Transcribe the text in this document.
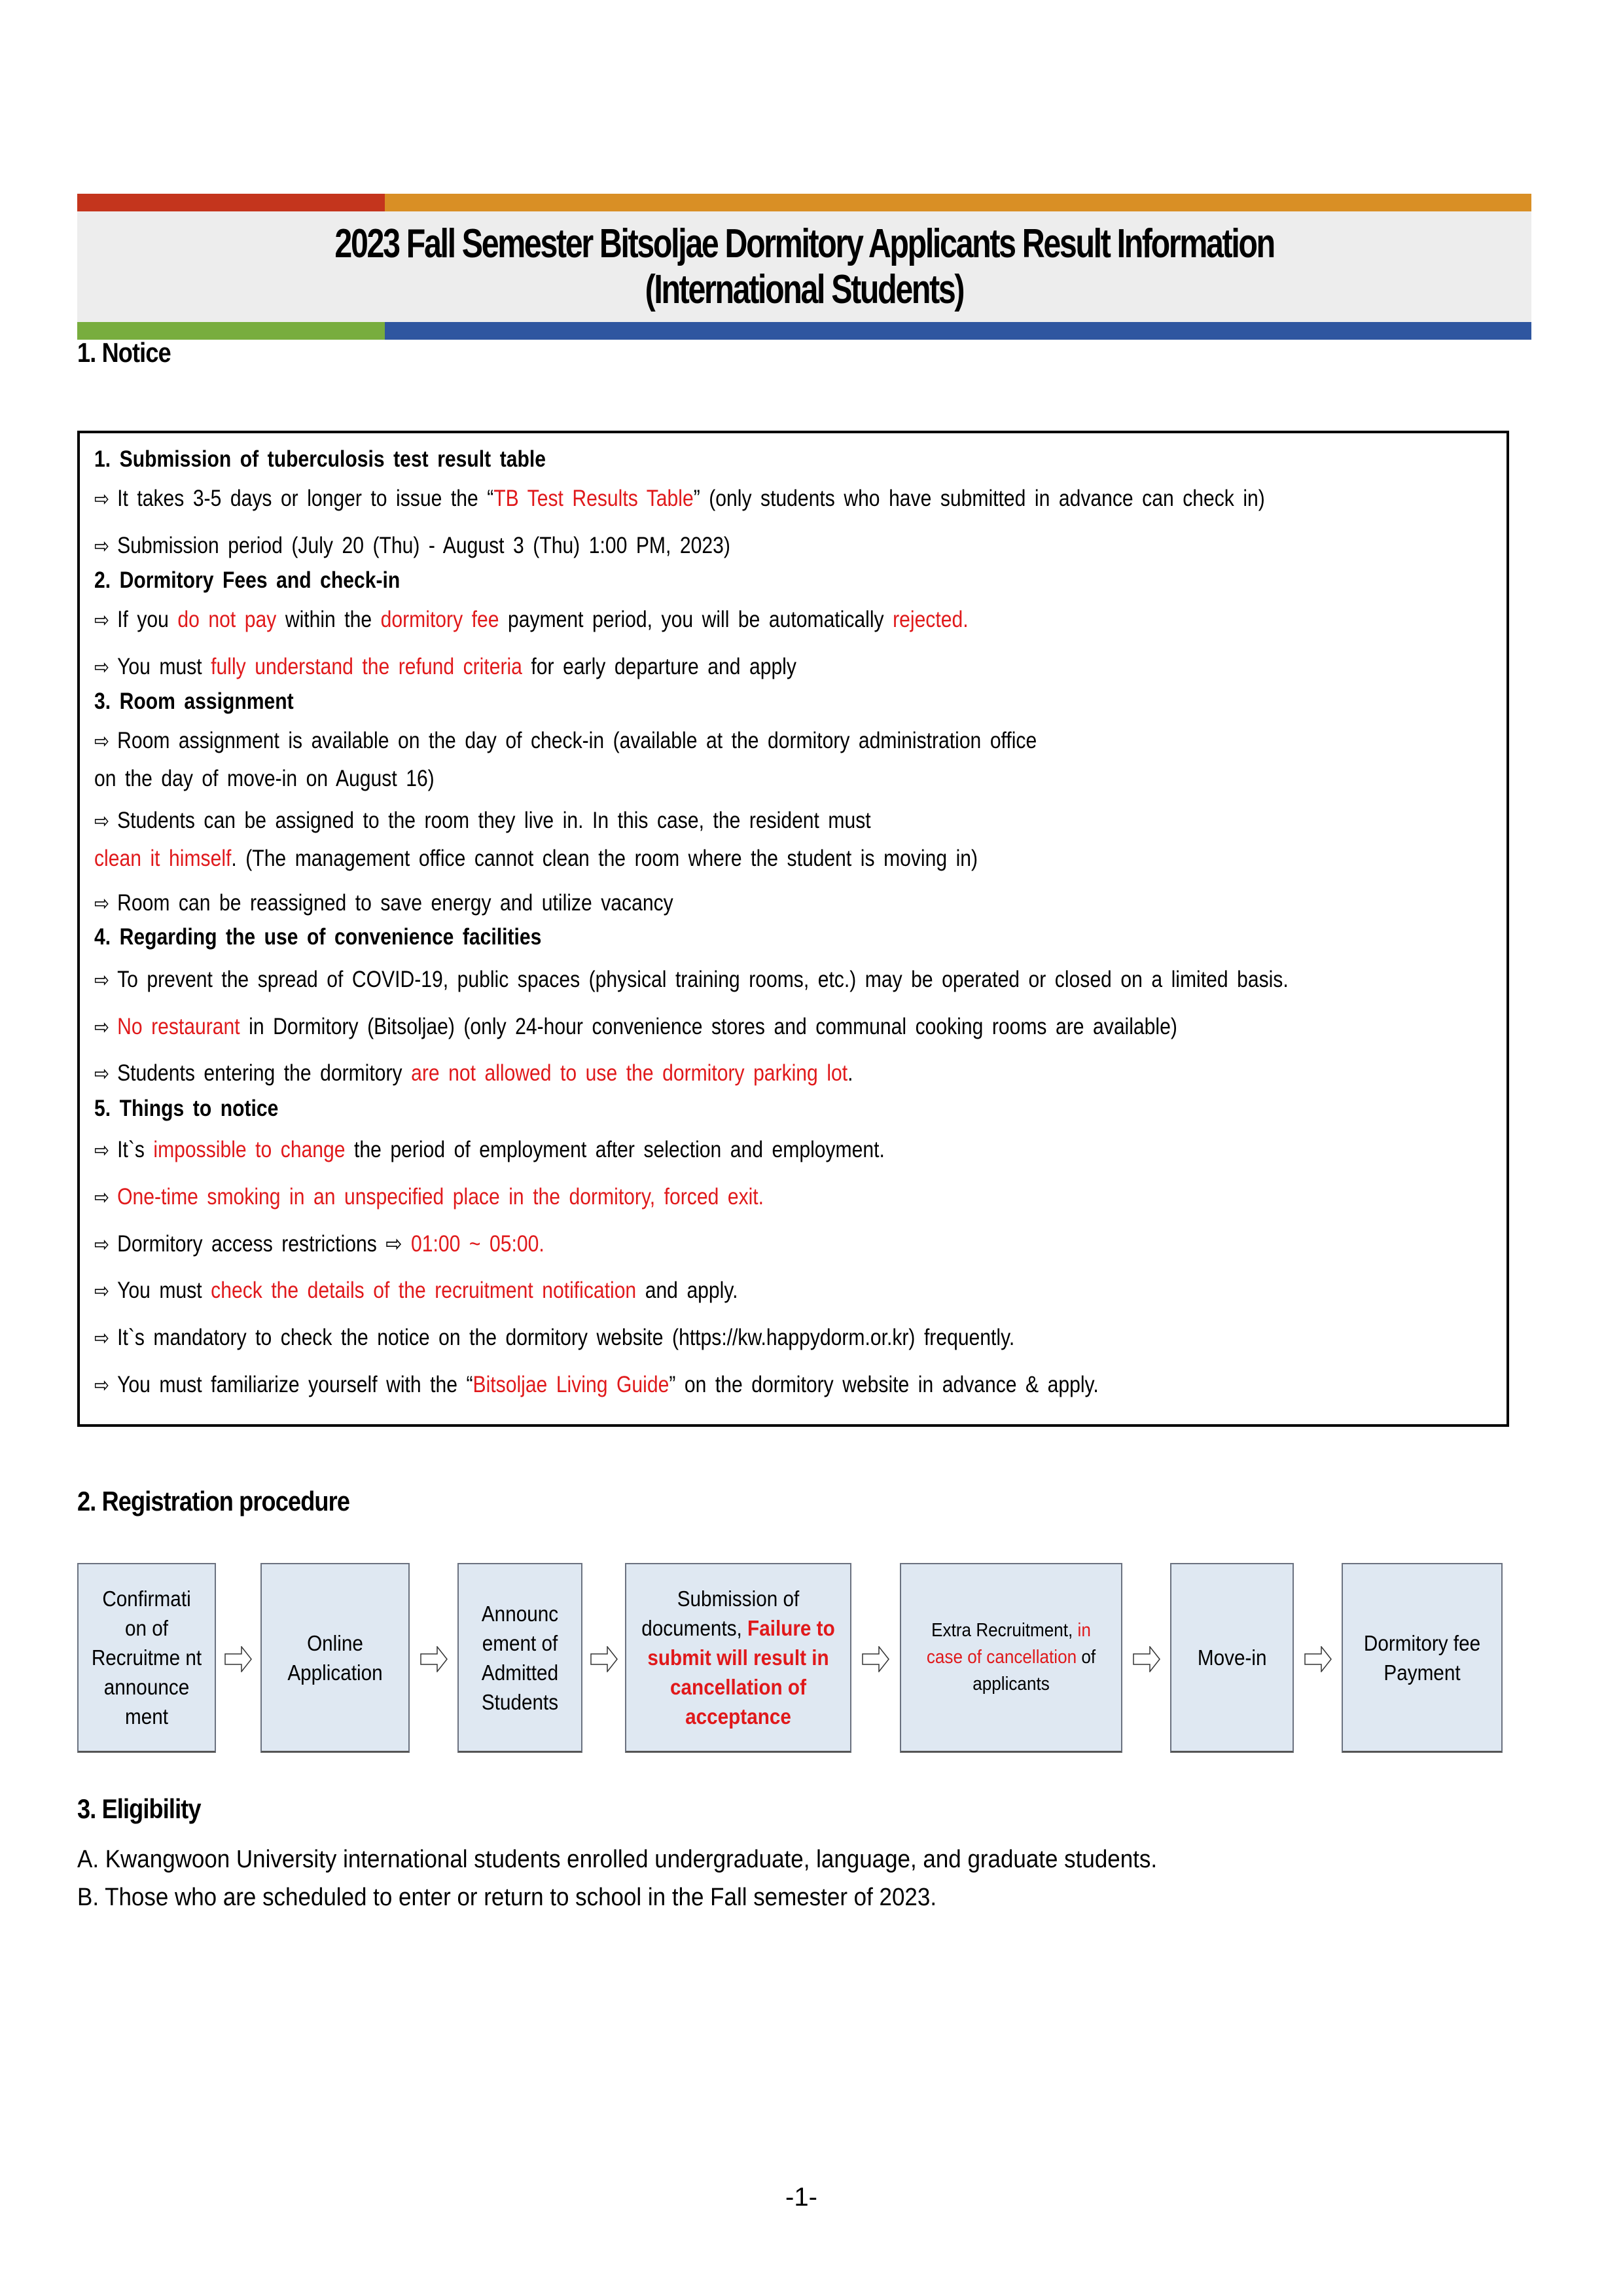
2023 Fall Semester Bitsoljae Dormitory Applicants Result Information
(International Students)
1. Notice
1. Submission of tuberculosis test result table
⇨ It takes 3-5 days or longer to issue the “TB Test Results Table” (only students who have submitted in advance can check in)
⇨ Submission period (July 20 (Thu) - August 3 (Thu) 1:00 PM, 2023)
2. Dormitory Fees and check-in
⇨ If you do not pay within the dormitory fee payment period, you will be automatically rejected.
⇨ You must fully understand the refund criteria for early departure and apply
3. Room assignment
⇨ Room assignment is available on the day of check-in (available at the dormitory administration office
on the day of move-in on August 16)
⇨ Students can be assigned to the room they live in. In this case, the resident must
clean it himself. (The management office cannot clean the room where the student is moving in)
⇨ Room can be reassigned to save energy and utilize vacancy
4. Regarding the use of convenience facilities
⇨ To prevent the spread of COVID-19, public spaces (physical training rooms, etc.) may be operated or closed on a limited basis.
⇨ No restaurant in Dormitory (Bitsoljae) (only 24-hour convenience stores and communal cooking rooms are available)
⇨ Students entering the dormitory are not allowed to use the dormitory parking lot.
5. Things to notice
⇨ It`s impossible to change the period of employment after selection and employment.
⇨ One-time smoking in an unspecified place in the dormitory, forced exit.
⇨ Dormitory access restrictions ⇨ 01:00 ~ 05:00.
⇨ You must check the details of the recruitment notification and apply.
⇨ It`s mandatory to check the notice on the dormitory website (https://kw.happydorm.or.kr) frequently.
⇨ You must familiarize yourself with the “Bitsoljae Living Guide” on the dormitory website in advance & apply.
2. Registration procedure
Confirmati on of Recruitme nt announce ment
Online Application
Announc ement of Admitted Students
Submission of documents, Failure to submit will result in cancellation of acceptance
Extra Recruitment, in case of cancellation of applicants
Move-in
Dormitory fee Payment
3. Eligibility
A. Kwangwoon University international students enrolled undergraduate, language, and graduate students.
B. Those who are scheduled to enter or return to school in the Fall semester of 2023.
-1-
